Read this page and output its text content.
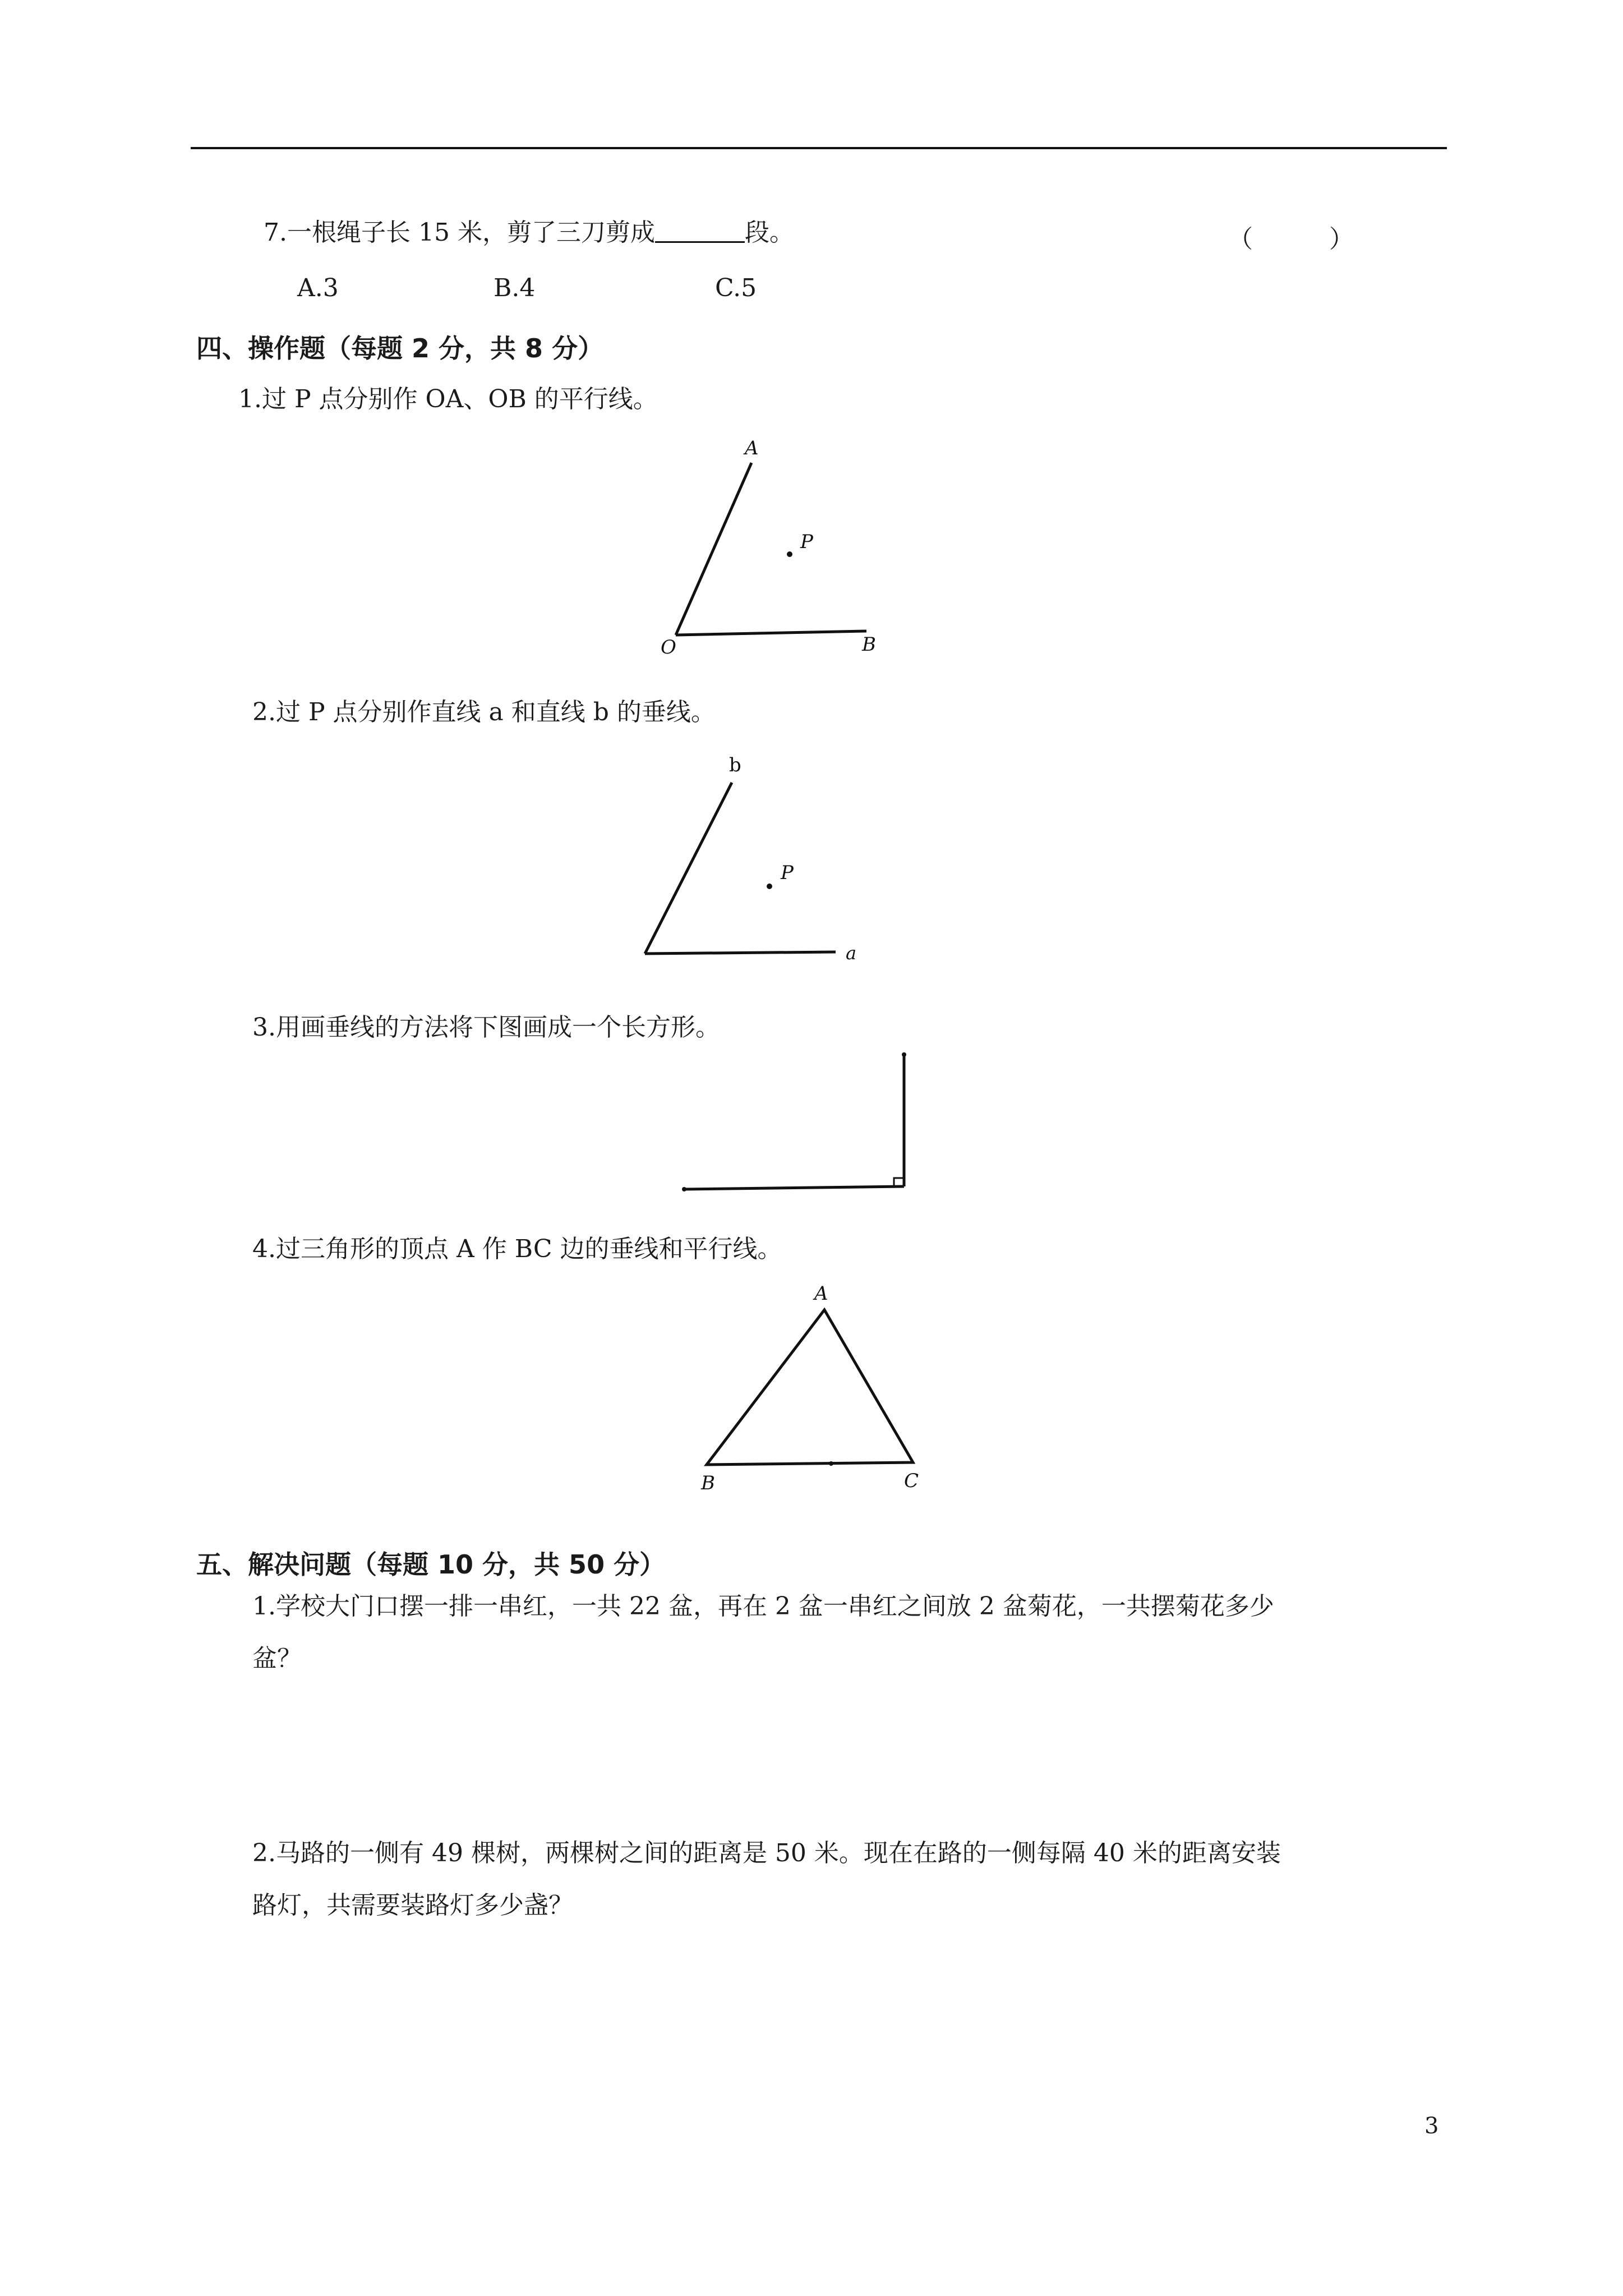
7.一根绳子长 15 米，剪了三刀剪成	段。	（	）
A.3	B.4	C.5
四、操作题（每题 2 分，共 8 分）
1.过 P 点分别作 OA、OB 的平行线。
A
P
O	B
2.过 P 点分别作直线 a 和直线 b 的垂线。
b
P
a
3.用画垂线的方法将下图画成一个长方形。
4.过三角形的顶点 A 作 BC 边的垂线和平行线。
A
B	C
五、解决问题（每题 10 分，共 50 分）
1.学校大门口摆一排一串红，一共 22 盆，再在 2 盆一串红之间放 2 盆菊花，一共摆菊花多少
盆？
2.马路的一侧有 49 棵树，两棵树之间的距离是 50 米。现在在路的一侧每隔 40 米的距离安装
路灯，共需要装路灯多少盏？
3
